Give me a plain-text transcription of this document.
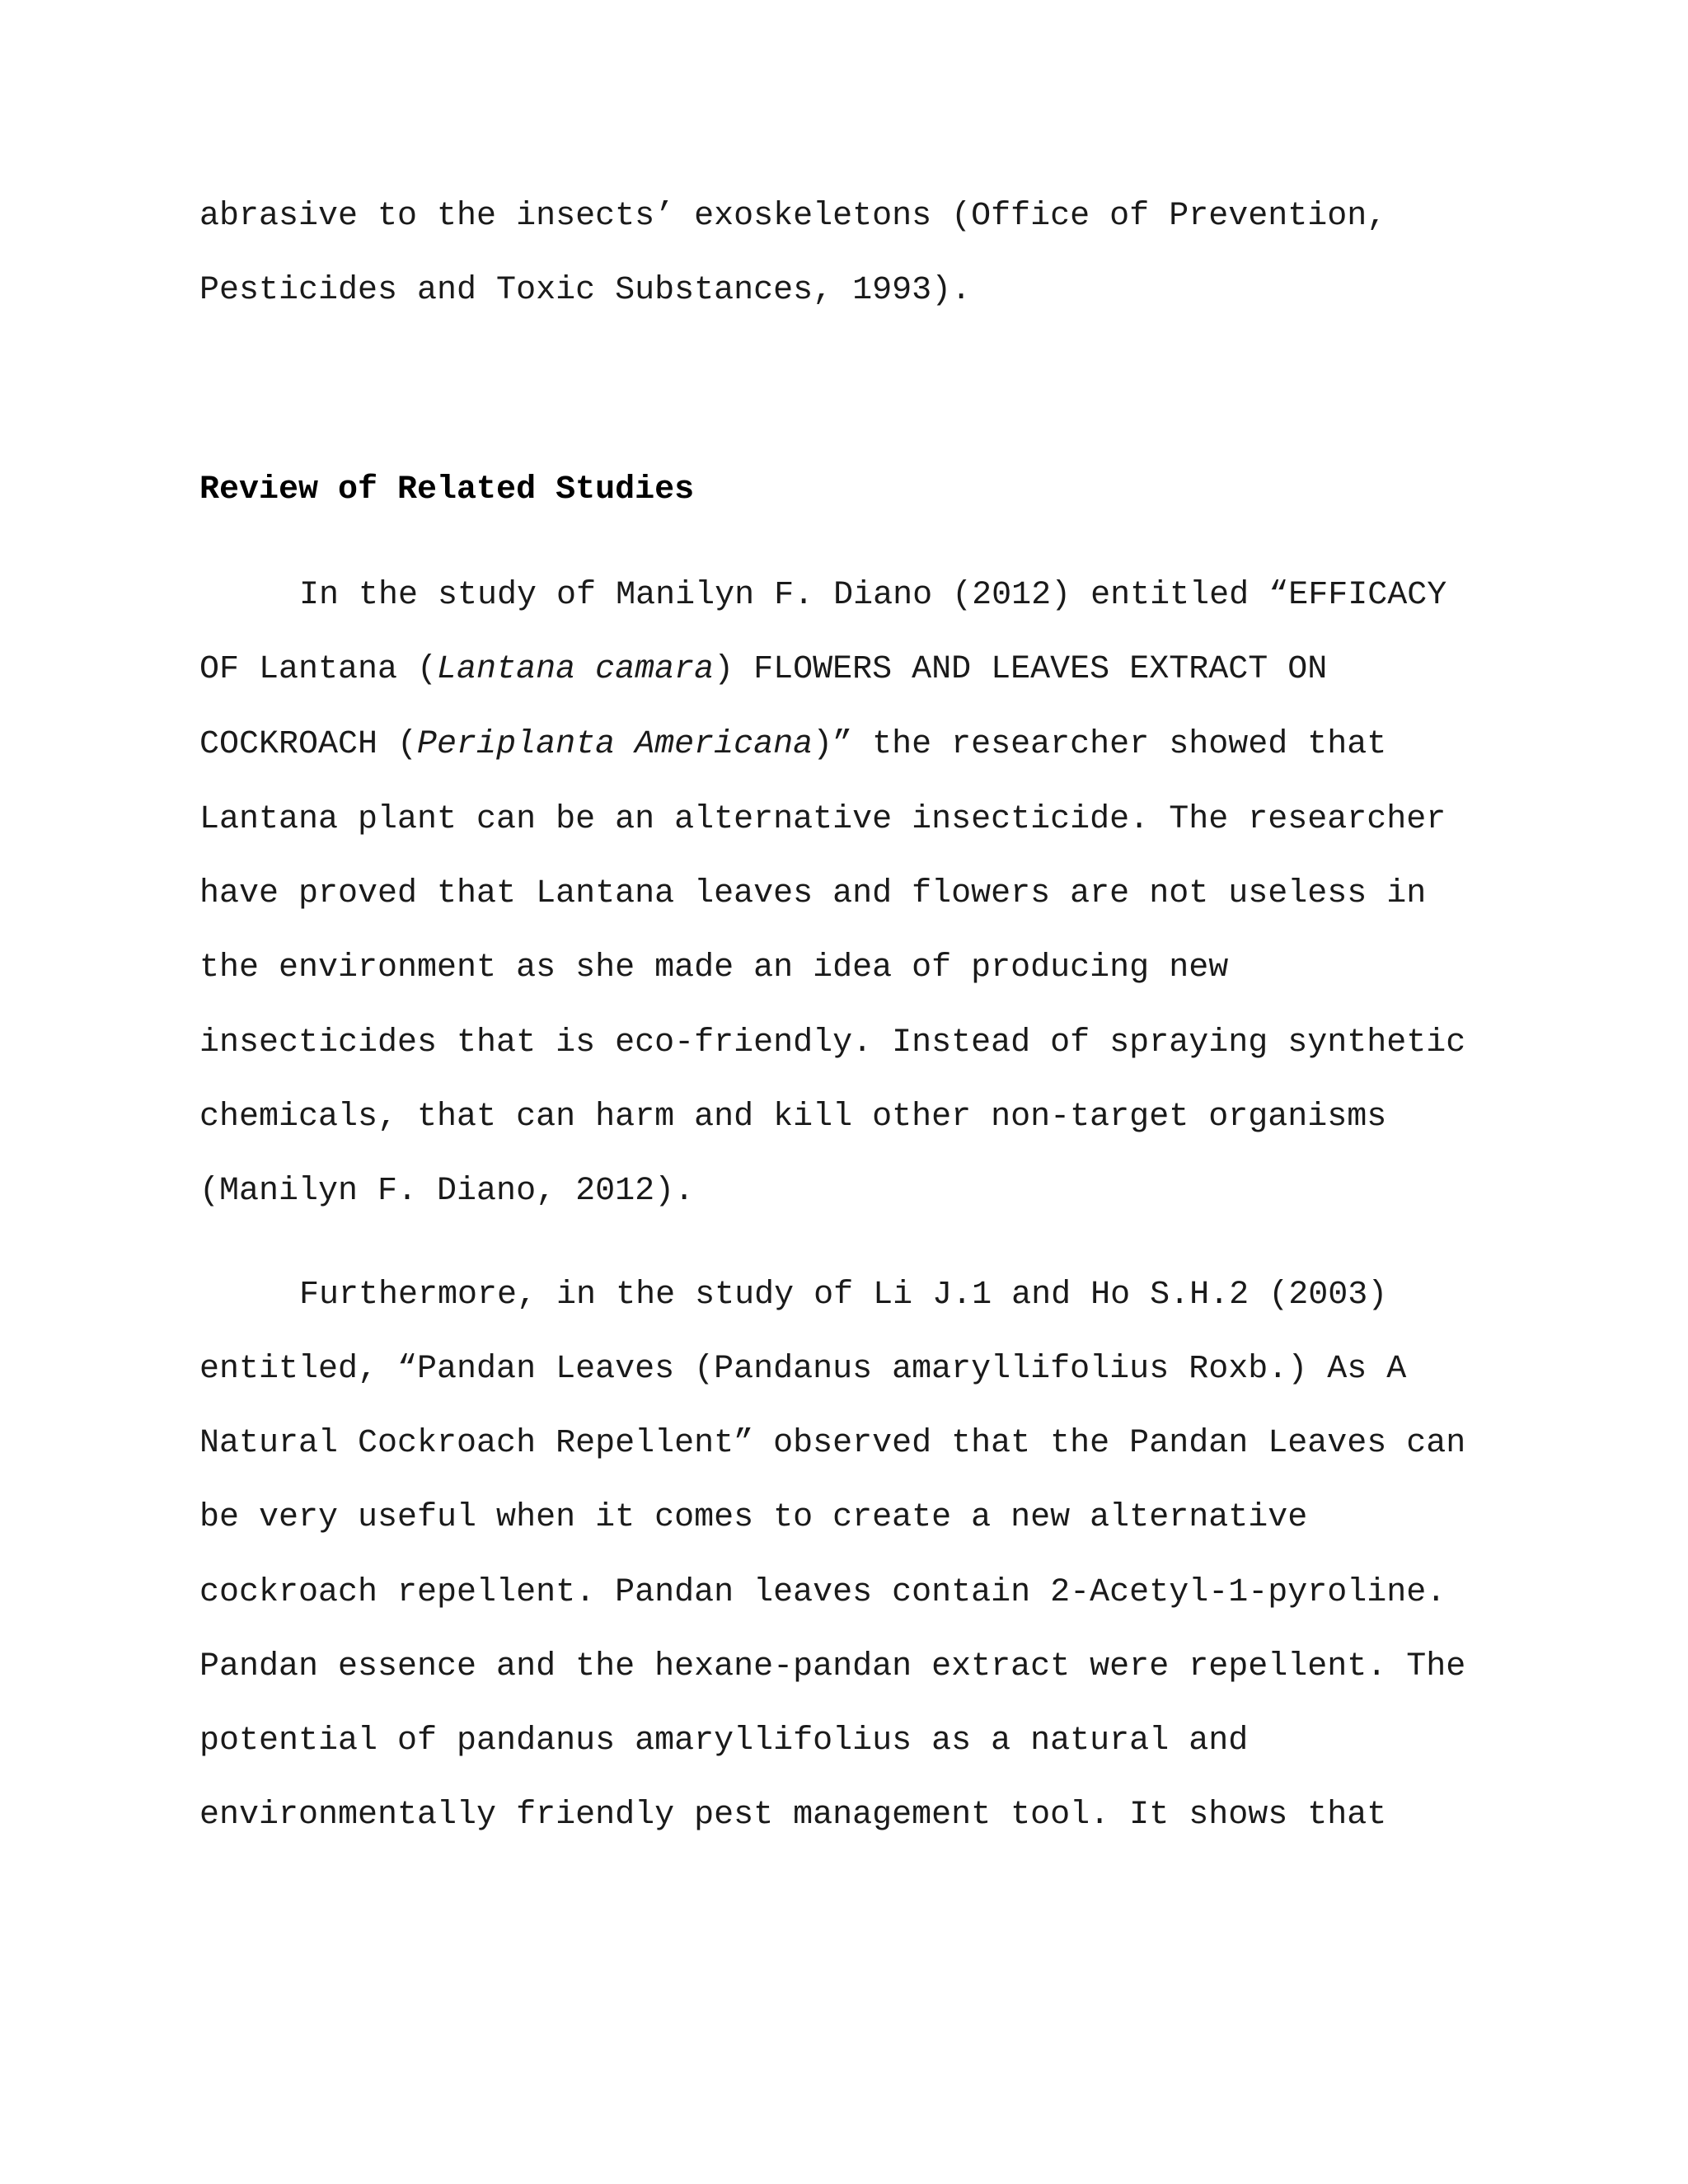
abrasive to the insects’ exoskeletons (Office of Prevention,

Pesticides and Toxic Substances, 1993).

Review of Related Studies

In the study of Manilyn F. Diano (2012) entitled “EFFICACY

OF Lantana (Lantana camara) FLOWERS AND LEAVES EXTRACT ON

COCKROACH (Periplanta Americana)” the researcher showed that

Lantana plant can be an alternative insecticide. The researcher

have proved that Lantana leaves and flowers are not useless in

the environment as she made an idea of producing new

insecticides that is eco-friendly. Instead of spraying synthetic

chemicals, that can harm and kill other non-target organisms

(Manilyn F. Diano, 2012).

Furthermore, in the study of Li J.1 and Ho S.H.2 (2003)

entitled, “Pandan Leaves (Pandanus amaryllifolius Roxb.) As A

Natural Cockroach Repellent” observed that the Pandan Leaves can

be very useful when it comes to create a new alternative

cockroach repellent. Pandan leaves contain 2-Acetyl-1-pyroline.

Pandan essence and the hexane-pandan extract were repellent. The

potential of pandanus amaryllifolius as a natural and

environmentally friendly pest management tool. It shows that
